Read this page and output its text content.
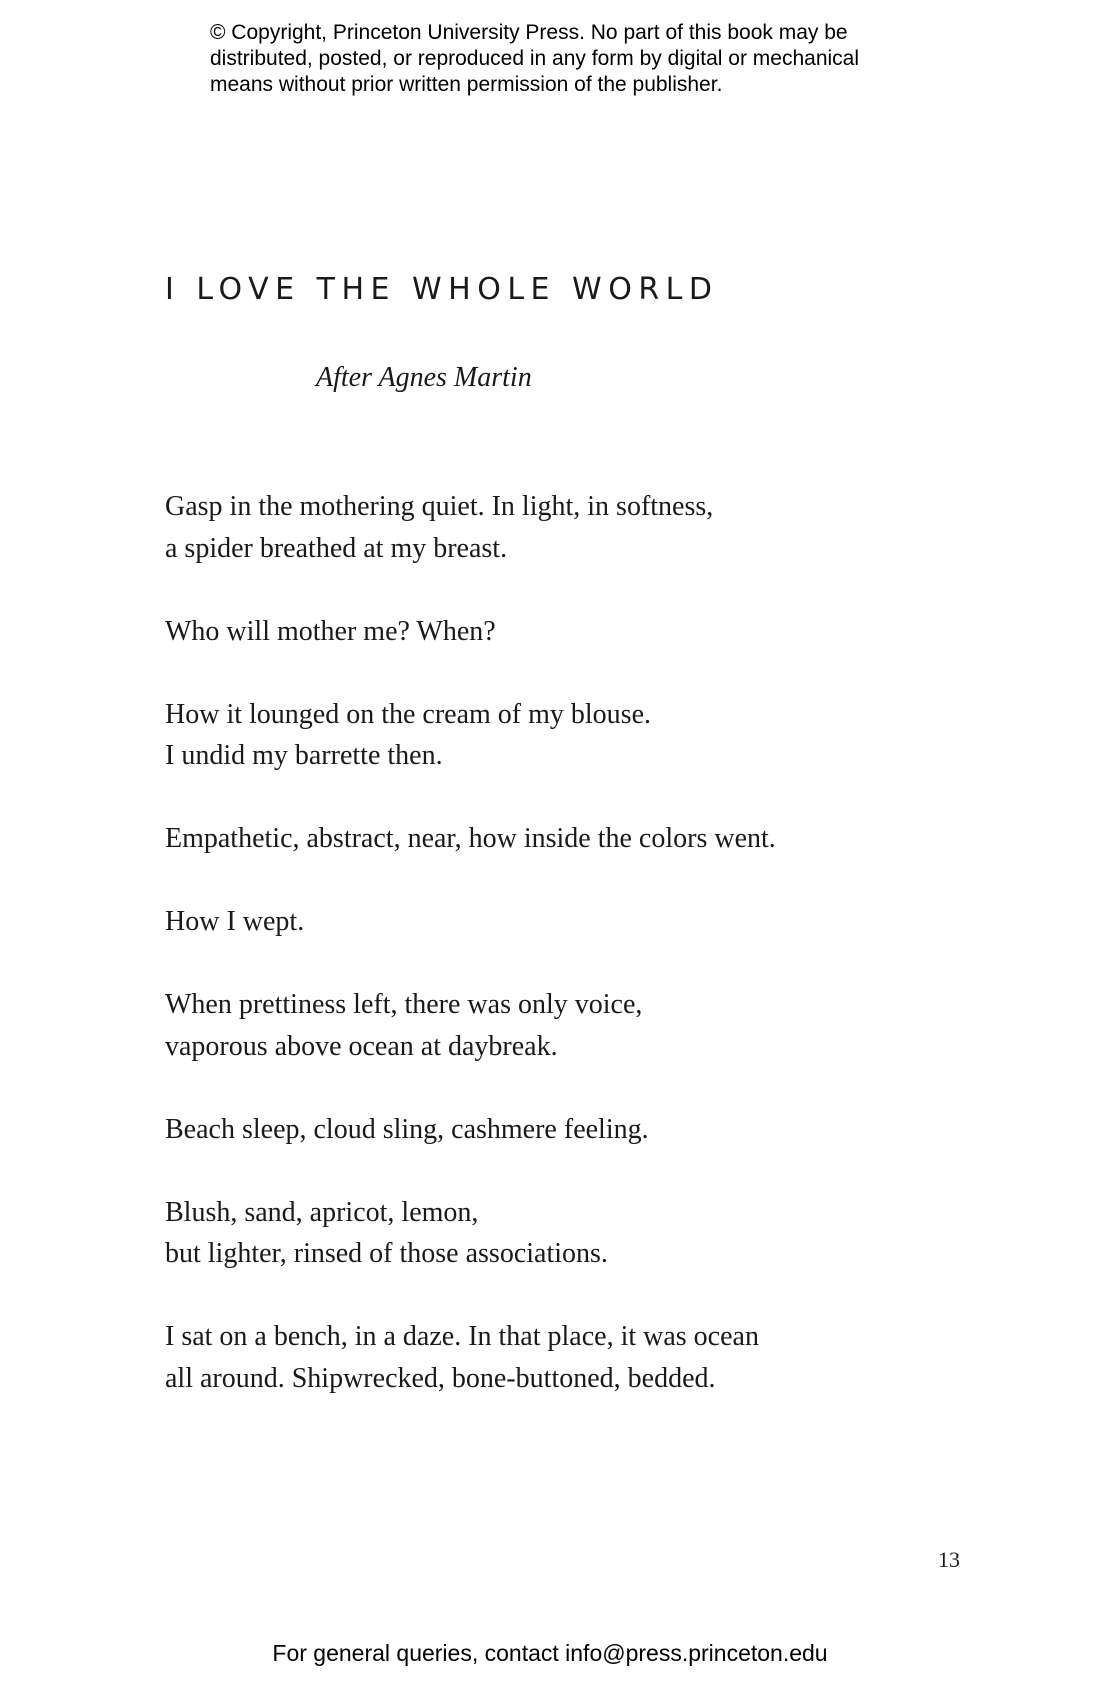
© Copyright, Princeton University Press. No part of this book may be
distributed, posted, or reproduced in any form by digital or mechanical
means without prior written permission of the publisher.
I LOVE THE WHOLE WORLD

After Agnes Martin

Gasp in the mothering quiet. In light, in softness,
a spider breathed at my breast.

Who will mother me? When?

How it lounged on the cream of my blouse.
I undid my barrette then.

Empathetic, abstract, near, how inside the colors went.

How I wept.

When prettiness left, there was only voice,
vaporous above ocean at daybreak.

Beach sleep, cloud sling, cashmere feeling.

Blush, sand, apricot, lemon,
but lighter, rinsed of those associations.

I sat on a bench, in a daze. In that place, it was ocean
all around. Shipwrecked, bone-buttoned, bedded.

13
For general queries, contact info@press.princeton.edu
